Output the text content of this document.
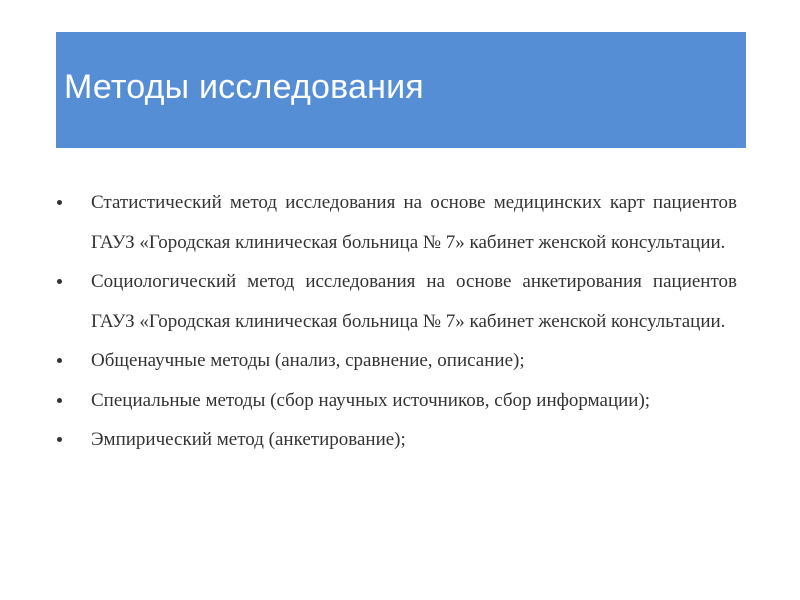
Методы исследования
Статистический метод исследования на основе медицинских карт пациентов ГАУЗ «Городская клиническая больница № 7» кабинет женской консультации.
Социологический метод исследования на основе анкетирования пациентов ГАУЗ «Городская клиническая больница № 7» кабинет женской консультации.
Общенаучные методы (анализ, сравнение, описание);
Специальные методы (сбор научных источников, сбор информации);
Эмпирический метод (анкетирование);
